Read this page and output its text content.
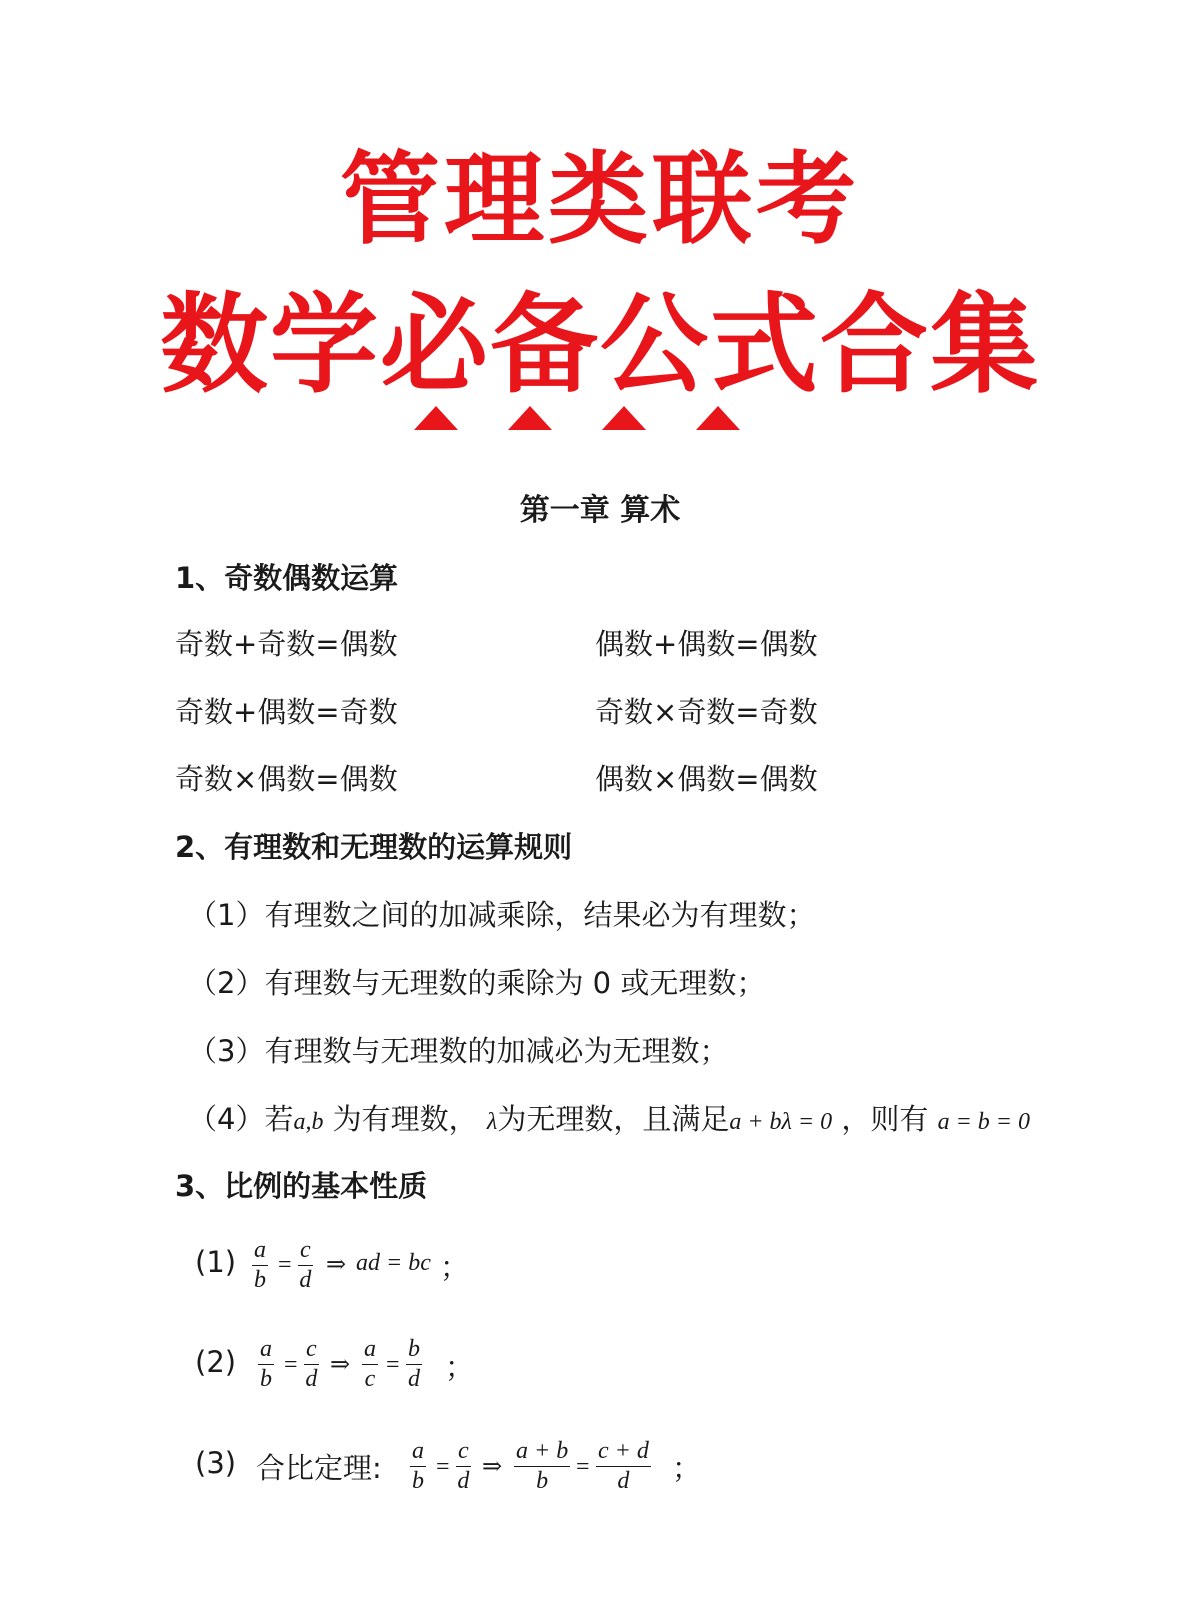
管理类联考
数学必备公式合集
第一章 算术
1、奇数偶数运算
奇数+奇数=偶数	偶数+偶数=偶数
奇数+偶数=奇数	奇数×奇数=奇数
奇数×偶数=偶数	偶数×偶数=偶数
2、有理数和无理数的运算规则
（1）有理数之间的加减乘除，结果必为有理数；
（2）有理数与无理数的乘除为 0 或无理数；
（3）有理数与无理数的加减必为无理数；
（4）若a,b 为有理数， λ为无理数，且满足a + bλ = 0 ，则有 a = b = 0
3、比例的基本性质
$(1) \frac{a}{b} = \frac{c}{d}$ ⇒ ad = bc ；
$(2) \frac{a}{b} = \frac{c}{d}$ ⇒ $\frac{a}{c} = \frac{b}{d}$ ；
(3) 合比定理: $\frac{a}{b} = \frac{c}{d}$ ⇒ $\frac{a + b}{b} = \frac{c + d}{d}$ ；
